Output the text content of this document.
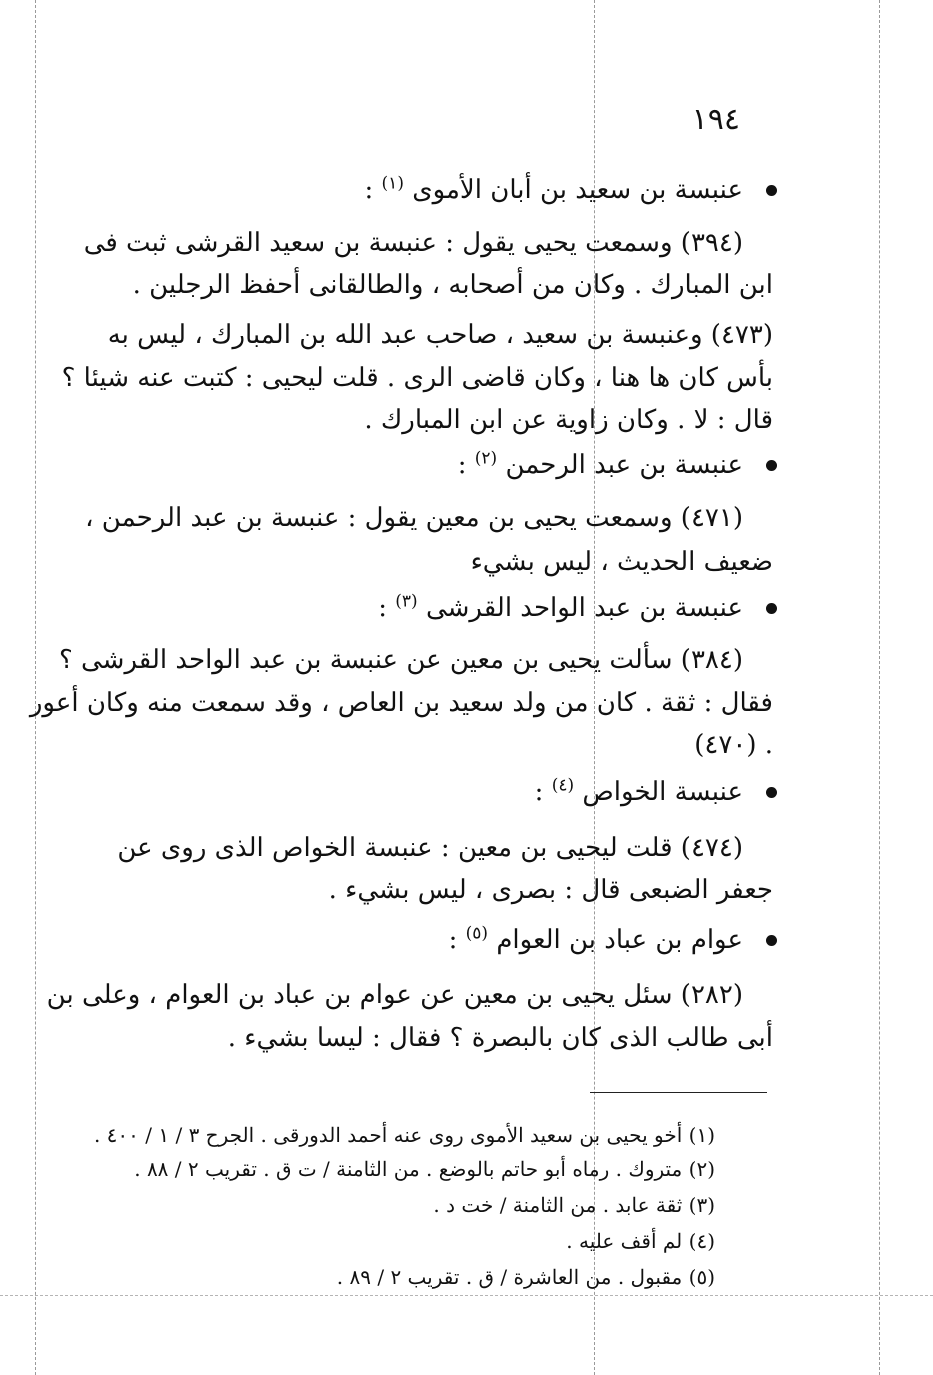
١٩٤
عنبسة بن سعيد بن أبان الأموى $^{(١)}$ :
(٣٩٤) وسمعت يحيى يقول : عنبسة بن سعيد القرشى ثبت فى
ابن المبارك . وكان من أصحابه ، والطالقانى أحفظ الرجلين .
(٤٧٣) وعنبسة بن سعيد ، صاحب عبد الله بن المبارك ، ليس به
بأس كان ها هنا ، وكان قاضى الرى . قلت ليحيى : كتبت عنه شيئا ؟
قال : لا . وكان زاوية عن ابن المبارك .
عنبسة بن عبد الرحمن $^{(٢)}$ :
(٤٧١) وسمعت يحيى بن معين يقول : عنبسة بن عبد الرحمن ،
ضعيف الحديث ، ليس بشيء
عنبسة بن عبد الواحد القرشى $^{(٣)}$ :
(٣٨٤) سألت يحيى بن معين عن عنبسة بن عبد الواحد القرشى ؟
فقال : ثقة . كان من ولد سعيد بن العاص ، وقد سمعت منه وكان أعور
. (٤٧٠)
عنبسة الخواص $^{(٤)}$ :
(٤٧٤) قلت ليحيى بن معين : عنبسة الخواص الذى روى عن
جعفر الضبعى قال : بصرى ، ليس بشيء .
عوام بن عباد بن العوام $^{(٥)}$ :
(٢٨٢) سئل يحيى بن معين عن عوام بن عباد بن العوام ، وعلى بن
أبى طالب الذى كان بالبصرة ؟ فقال : ليسا بشيء .
(١) أخو يحيى بن سعيد الأموى روى عنه أحمد الدورقى . الجرح ٣ / ١ / ٤٠٠ .
(٢) متروك . رماه أبو حاتم بالوضع . من الثامنة / ت ق . تقريب ٢ / ٨٨ .
(٣) ثقة عابد . من الثامنة / خت د .
(٤) لم أقف عليه .
(٥) مقبول . من العاشرة / ق . تقريب ٢ / ٨٩ .
